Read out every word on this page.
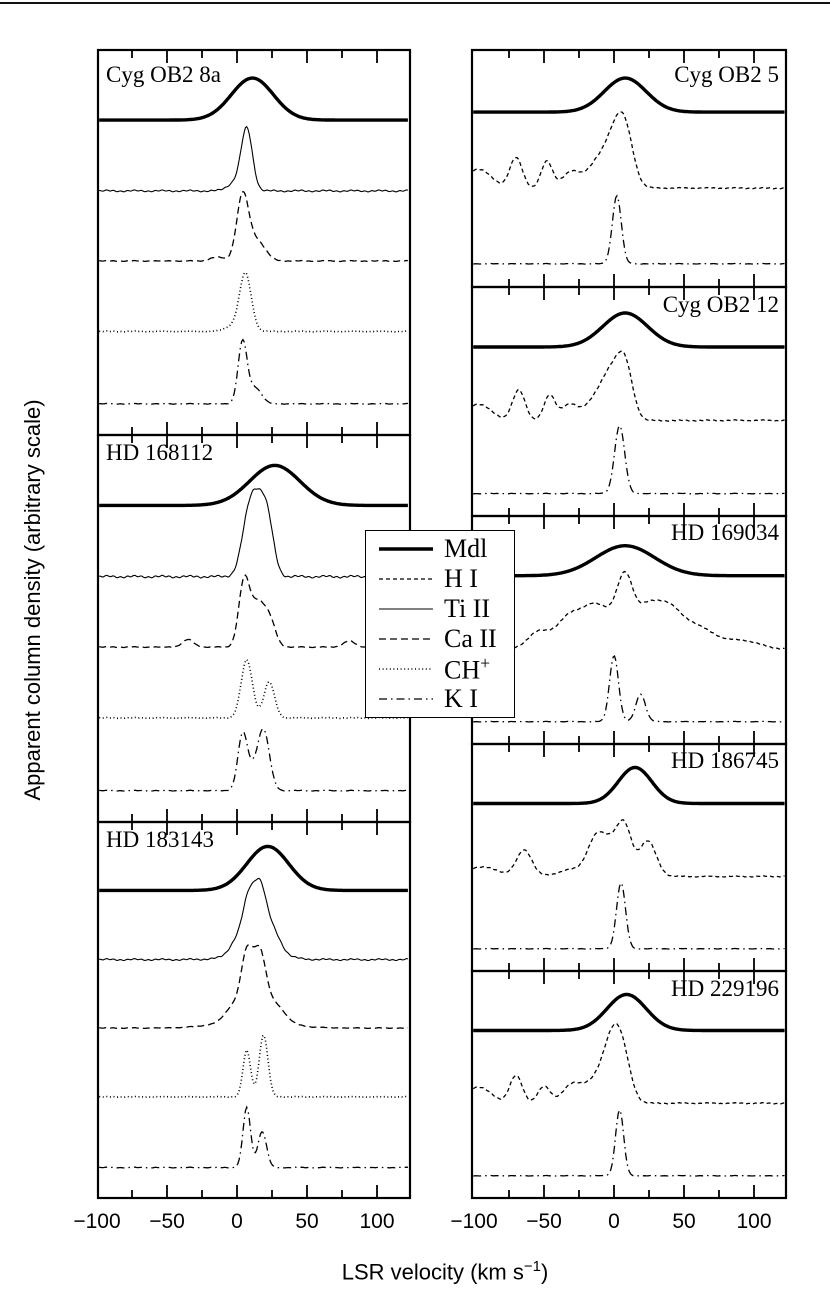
−100 −50 0 50 100	−100 −50 0 50 100
Apparent column density (arbitrary scale)
LSR velocity (km $s^{-1}$)
Cyg OB2 8a
HD 168112
HD 183143
Cyg OB2 5
Cyg OB2 12
HD 169034
HD 186745
HD 229196
Mdl
H I
Ti II
Ca II
CH+
K I
